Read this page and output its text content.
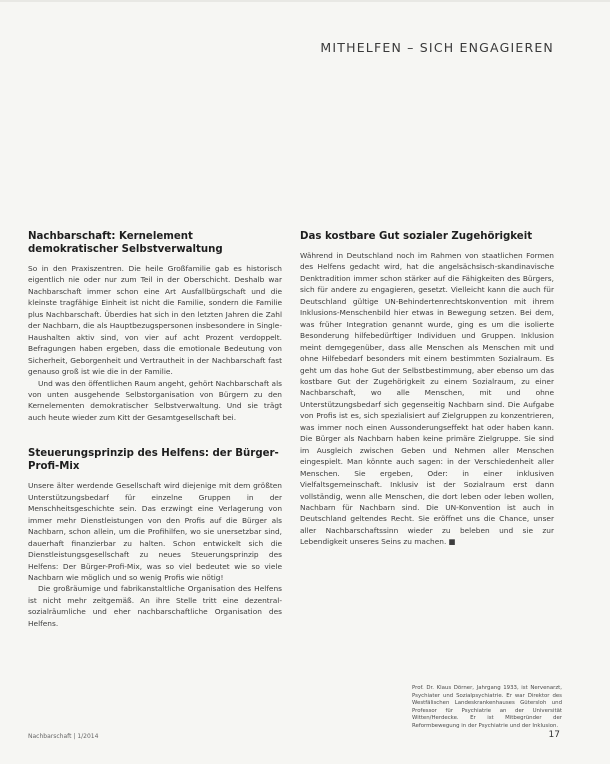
MITHELFEN – SICH ENGAGIEREN
Nachbarschaft: Kernelement demokratischer Selbstverwaltung

So in den Praxiszentren. Die heile Großfamilie gab es historisch eigentlich nie oder nur zum Teil in der Oberschicht. Deshalb war Nachbarschaft immer schon eine Art Ausfallbürgschaft und die kleinste tragfähige Einheit ist nicht die Familie, sondern die Familie plus Nachbarschaft. Überdies hat sich in den letzten Jahren die Zahl der Nachbarn, die als Hauptbezugspersonen insbesondere in Single-Haushalten aktiv sind, von vier auf acht Prozent verdoppelt. Befragungen haben ergeben, dass die emotionale Bedeutung von Sicherheit, Geborgenheit und Vertrautheit in der Nachbarschaft fast genauso groß ist wie die in der Familie.

Und was den öffentlichen Raum angeht, gehört Nachbarschaft als von unten ausgehende Selbstorganisation von Bürgern zu den Kernelementen demokratischer Selbstverwaltung. Und sie trägt auch heute wieder zum Kitt der Gesamtgesellschaft bei.

Steuerungsprinzip des Helfens: der Bürger-Profi-Mix

Unsere älter werdende Gesellschaft wird diejenige mit dem größten Unterstützungsbedarf für einzelne Gruppen in der Menschheitsgeschichte sein. Das erzwingt eine Verlagerung von immer mehr Dienstleistungen von den Profis auf die Bürger als Nachbarn, schon allein, um die Profihilfen, wo sie unersetzbar sind, dauerhaft finanzierbar zu halten. Schon entwickelt sich die Dienstleistungsgesellschaft zu neues Steuerungsprinzip des Helfens: Der Bürger-Profi-Mix, was so viel bedeutet wie so viele Nachbarn wie möglich und so wenig Profis wie nötig!

Die großräumige und fabrikanstaltliche Organisation des Helfens ist nicht mehr zeitgemäß. An ihre Stelle tritt eine dezentral-sozialräumliche und eher nachbarschaftliche Organisation des Helfens.

Das kostbare Gut sozialer Zugehörigkeit

Während in Deutschland noch im Rahmen von staatlichen Formen des Helfens gedacht wird, hat die angelsächsisch-skandinavische Denktradition immer schon stärker auf die Fähigkeiten des Bürgers, sich für andere zu engagieren, gesetzt. Vielleicht kann die auch für Deutschland gültige UN-Behindertenrechtskonvention mit ihrem Inklusions-Menschenbild hier etwas in Bewegung setzen. Bei dem, was früher Integration genannt wurde, ging es um die isolierte Besonderung hilfebedürftiger Individuen und Gruppen. Inklusion meint demgegenüber, dass alle Menschen als Menschen mit und ohne Hilfebedarf besonders mit einem bestimmten Sozialraum. Es geht um das hohe Gut der Selbstbestimmung, aber ebenso um das kostbare Gut der Zugehörigkeit zu einem Sozialraum, zu einer Nachbarschaft, wo alle Menschen, mit und ohne Unterstützungsbedarf sich gegenseitig Nachbarn sind. Die Aufgabe von Profis ist es, sich spezialisiert auf Zielgruppen zu konzentrieren, was immer noch einen Aussonderungseffekt hat oder haben kann. Die Bürger als Nachbarn haben keine primäre Zielgruppe. Sie sind im Ausgleich zwischen Geben und Nehmen aller Menschen eingespielt. Man könnte auch sagen: in der Verschiedenheit aller Menschen. Sie ergeben, Oder: in einer inklusiven Vielfaltsgemeinschaft. Inklusiv ist der Sozialraum erst dann vollständig, wenn alle Menschen, die dort leben oder leben wollen, Nachbarn für Nachbarn sind. Die UN-Konvention ist auch in Deutschland geltendes Recht. Sie eröffnet uns die Chance, unser aller Nachbarschaftssinn wieder zu beleben und sie zur Lebendigkeit unseres Seins zu machen. ■

Prof. Dr. Klaus Dörner, Jahrgang 1933, ist Nervenarzt, Psychiater und Sozialpsychiatrie. Er war Direktor des Westfälischen Landeskrankenhauses Gütersloh und Professor für Psychiatrie an der Universität Witten/Herdecke. Er ist Mitbegründer der Reformbewegung in der Psychiatrie und der Inklusion.
Nachbarschaft | 1/2014	17
